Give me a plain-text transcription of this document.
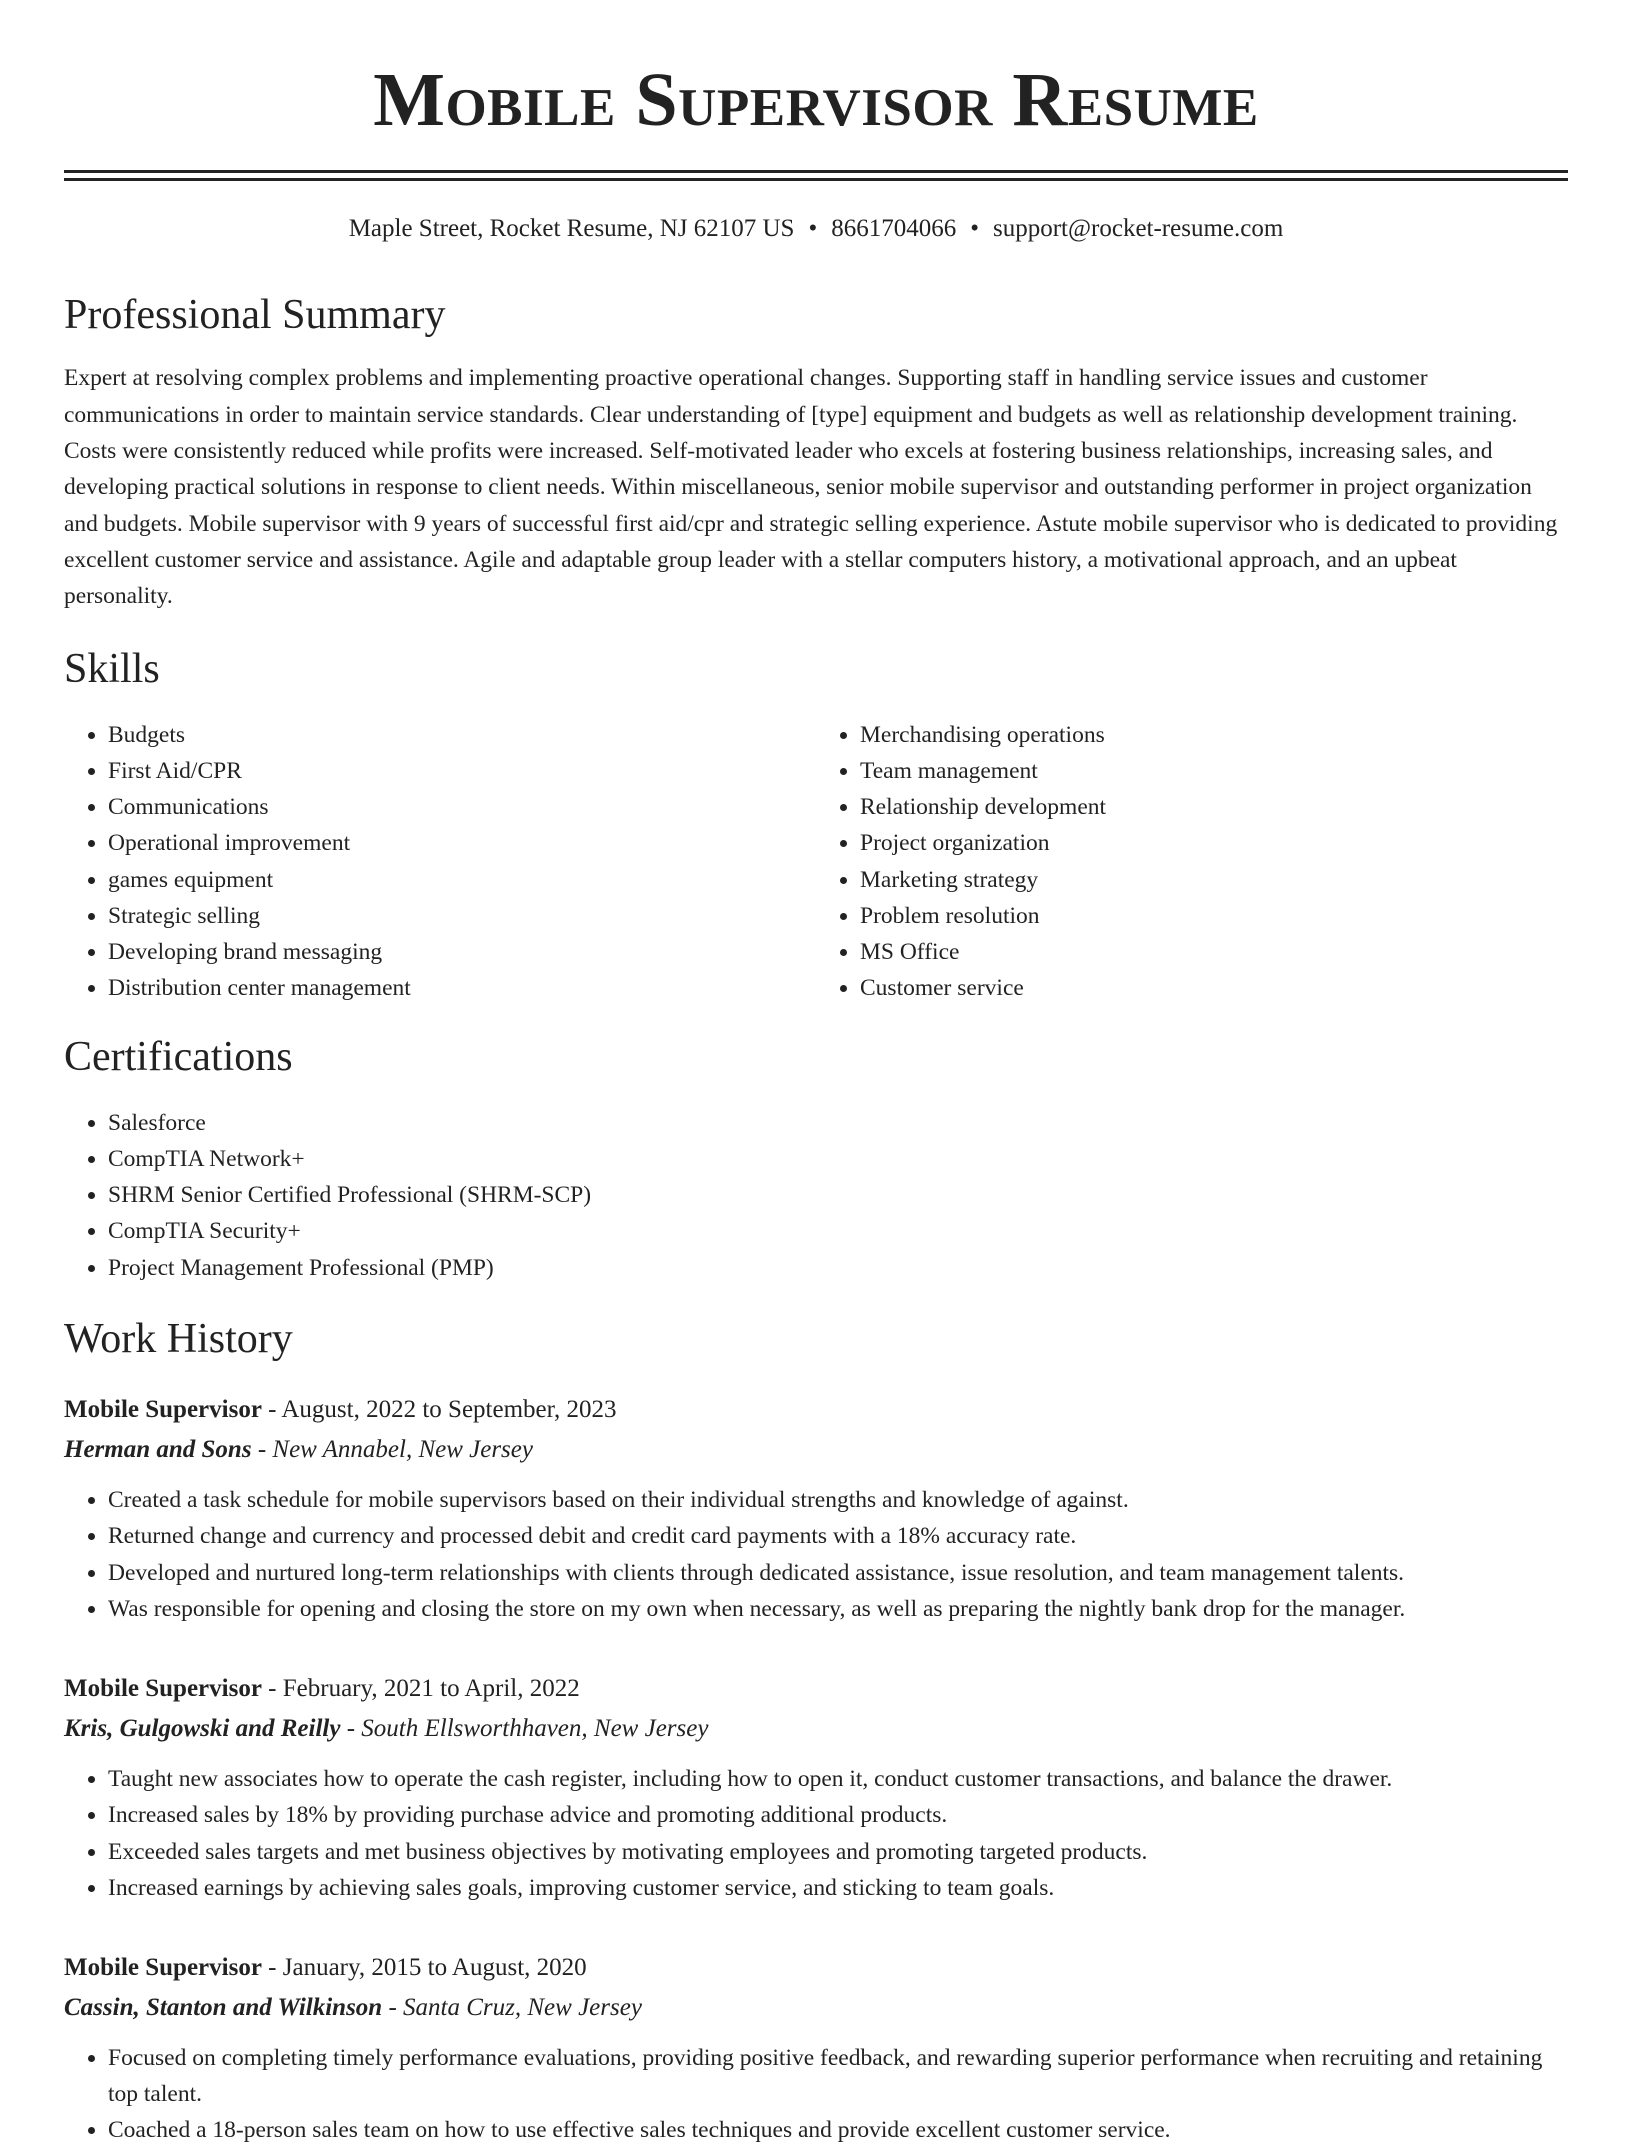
Mobile Supervisor Resume
Maple Street, Rocket Resume, NJ 62107 US • 8661704066 • support@rocket-resume.com
Professional Summary

Expert at resolving complex problems and implementing proactive operational changes. Supporting staff in handling service issues and customer communications in order to maintain service standards. Clear understanding of [type] equipment and budgets as well as relationship development training. Costs were consistently reduced while profits were increased. Self-motivated leader who excels at fostering business relationships, increasing sales, and developing practical solutions in response to client needs. Within miscellaneous, senior mobile supervisor and outstanding performer in project organization and budgets. Mobile supervisor with 9 years of successful first aid/cpr and strategic selling experience. Astute mobile supervisor who is dedicated to providing excellent customer service and assistance. Agile and adaptable group leader with a stellar computers history, a motivational approach, and an upbeat personality.

Skills
• Budgets
• First Aid/CPR
• Communications
• Operational improvement
• games equipment
• Strategic selling
• Developing brand messaging
• Distribution center management
• Merchandising operations
• Team management
• Relationship development
• Project organization
• Marketing strategy
• Problem resolution
• MS Office
• Customer service
Certifications
• Salesforce
• CompTIA Network+
• SHRM Senior Certified Professional (SHRM-SCP)
• CompTIA Security+
• Project Management Professional (PMP)
Work History
Mobile Supervisor - August, 2022 to September, 2023
Herman and Sons - New Annabel, New Jersey
• Created a task schedule for mobile supervisors based on their individual strengths and knowledge of against.
• Returned change and currency and processed debit and credit card payments with a 18% accuracy rate.
• Developed and nurtured long-term relationships with clients through dedicated assistance, issue resolution, and team management talents.
• Was responsible for opening and closing the store on my own when necessary, as well as preparing the nightly bank drop for the manager.
Mobile Supervisor - February, 2021 to April, 2022
Kris, Gulgowski and Reilly - South Ellsworthhaven, New Jersey
• Taught new associates how to operate the cash register, including how to open it, conduct customer transactions, and balance the drawer.
• Increased sales by 18% by providing purchase advice and promoting additional products.
• Exceeded sales targets and met business objectives by motivating employees and promoting targeted products.
• Increased earnings by achieving sales goals, improving customer service, and sticking to team goals.
Mobile Supervisor - January, 2015 to August, 2020
Cassin, Stanton and Wilkinson - Santa Cruz, New Jersey
• Focused on completing timely performance evaluations, providing positive feedback, and rewarding superior performance when recruiting and retaining top talent.
• Coached a 18-person sales team on how to use effective sales techniques and provide excellent customer service.
